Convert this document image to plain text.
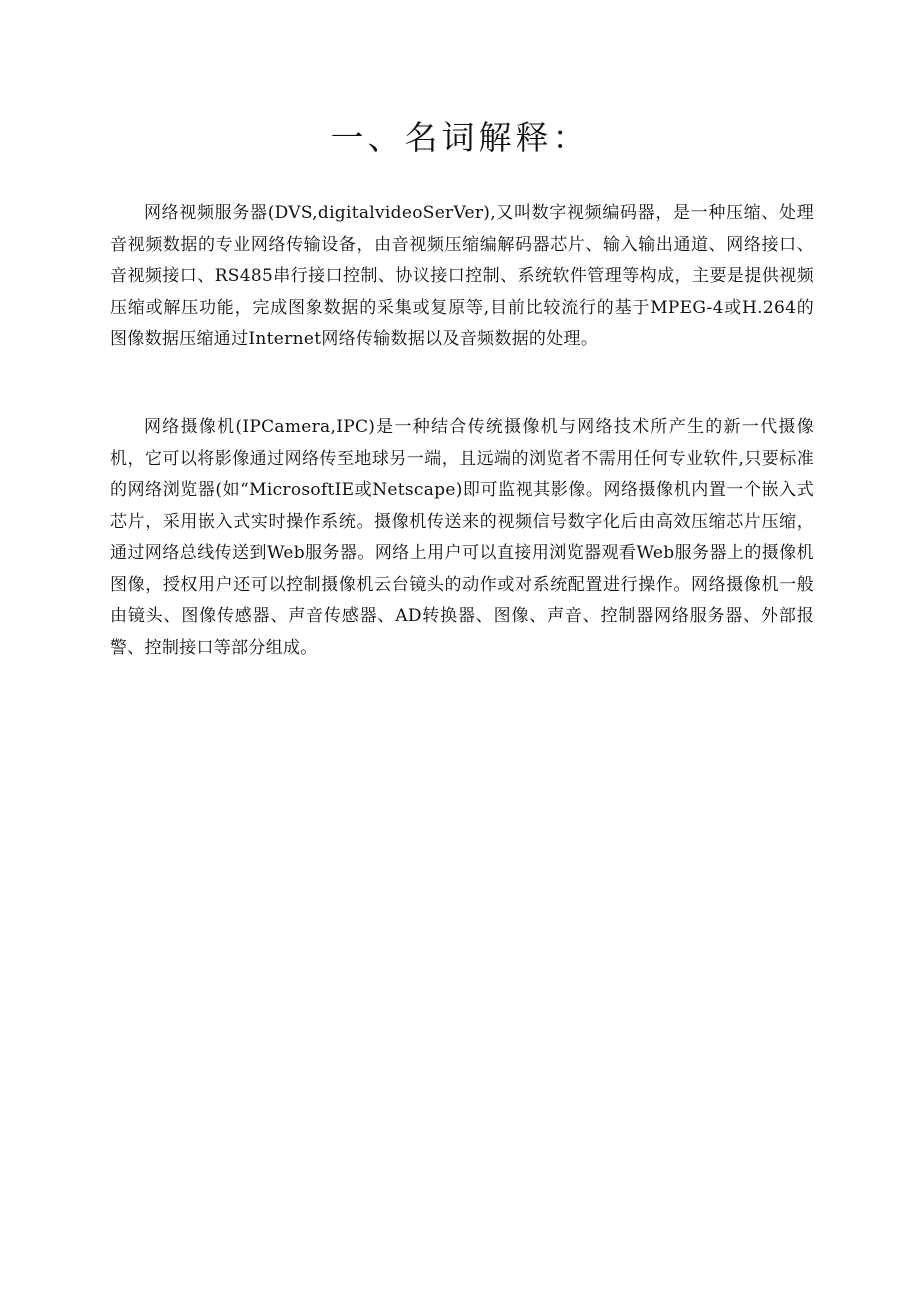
一、名词解释：

网络视频服务器(DVS,digitalvideoSerVer),又叫数字视频编码器，是一种压缩、处理音视频数据的专业网络传输设备，由音视频压缩编解码器芯片、输入输出通道、网络接口、音视频接口、RS485串行接口控制、协议接口控制、系统软件管理等构成，主要是提供视频压缩或解压功能，完成图象数据的采集或复原等,目前比较流行的基于MPEG-4或H.264的图像数据压缩通过Internet网络传输数据以及音频数据的处理。

网络摄像机(IPCamera,IPC)是一种结合传统摄像机与网络技术所产生的新一代摄像机，它可以将影像通过网络传至地球另一端，且远端的浏览者不需用任何专业软件,只要标准的网络浏览器(如“MicrosoftIE或Netscape)即可监视其影像。网络摄像机内置一个嵌入式芯片，采用嵌入式实时操作系统。摄像机传送来的视频信号数字化后由高效压缩芯片压缩，通过网络总线传送到Web服务器。网络上用户可以直接用浏览器观看Web服务器上的摄像机图像，授权用户还可以控制摄像机云台镜头的动作或对系统配置进行操作。网络摄像机一般由镜头、图像传感器、声音传感器、AD转换器、图像、声音、控制器网络服务器、外部报警、控制接口等部分组成。
